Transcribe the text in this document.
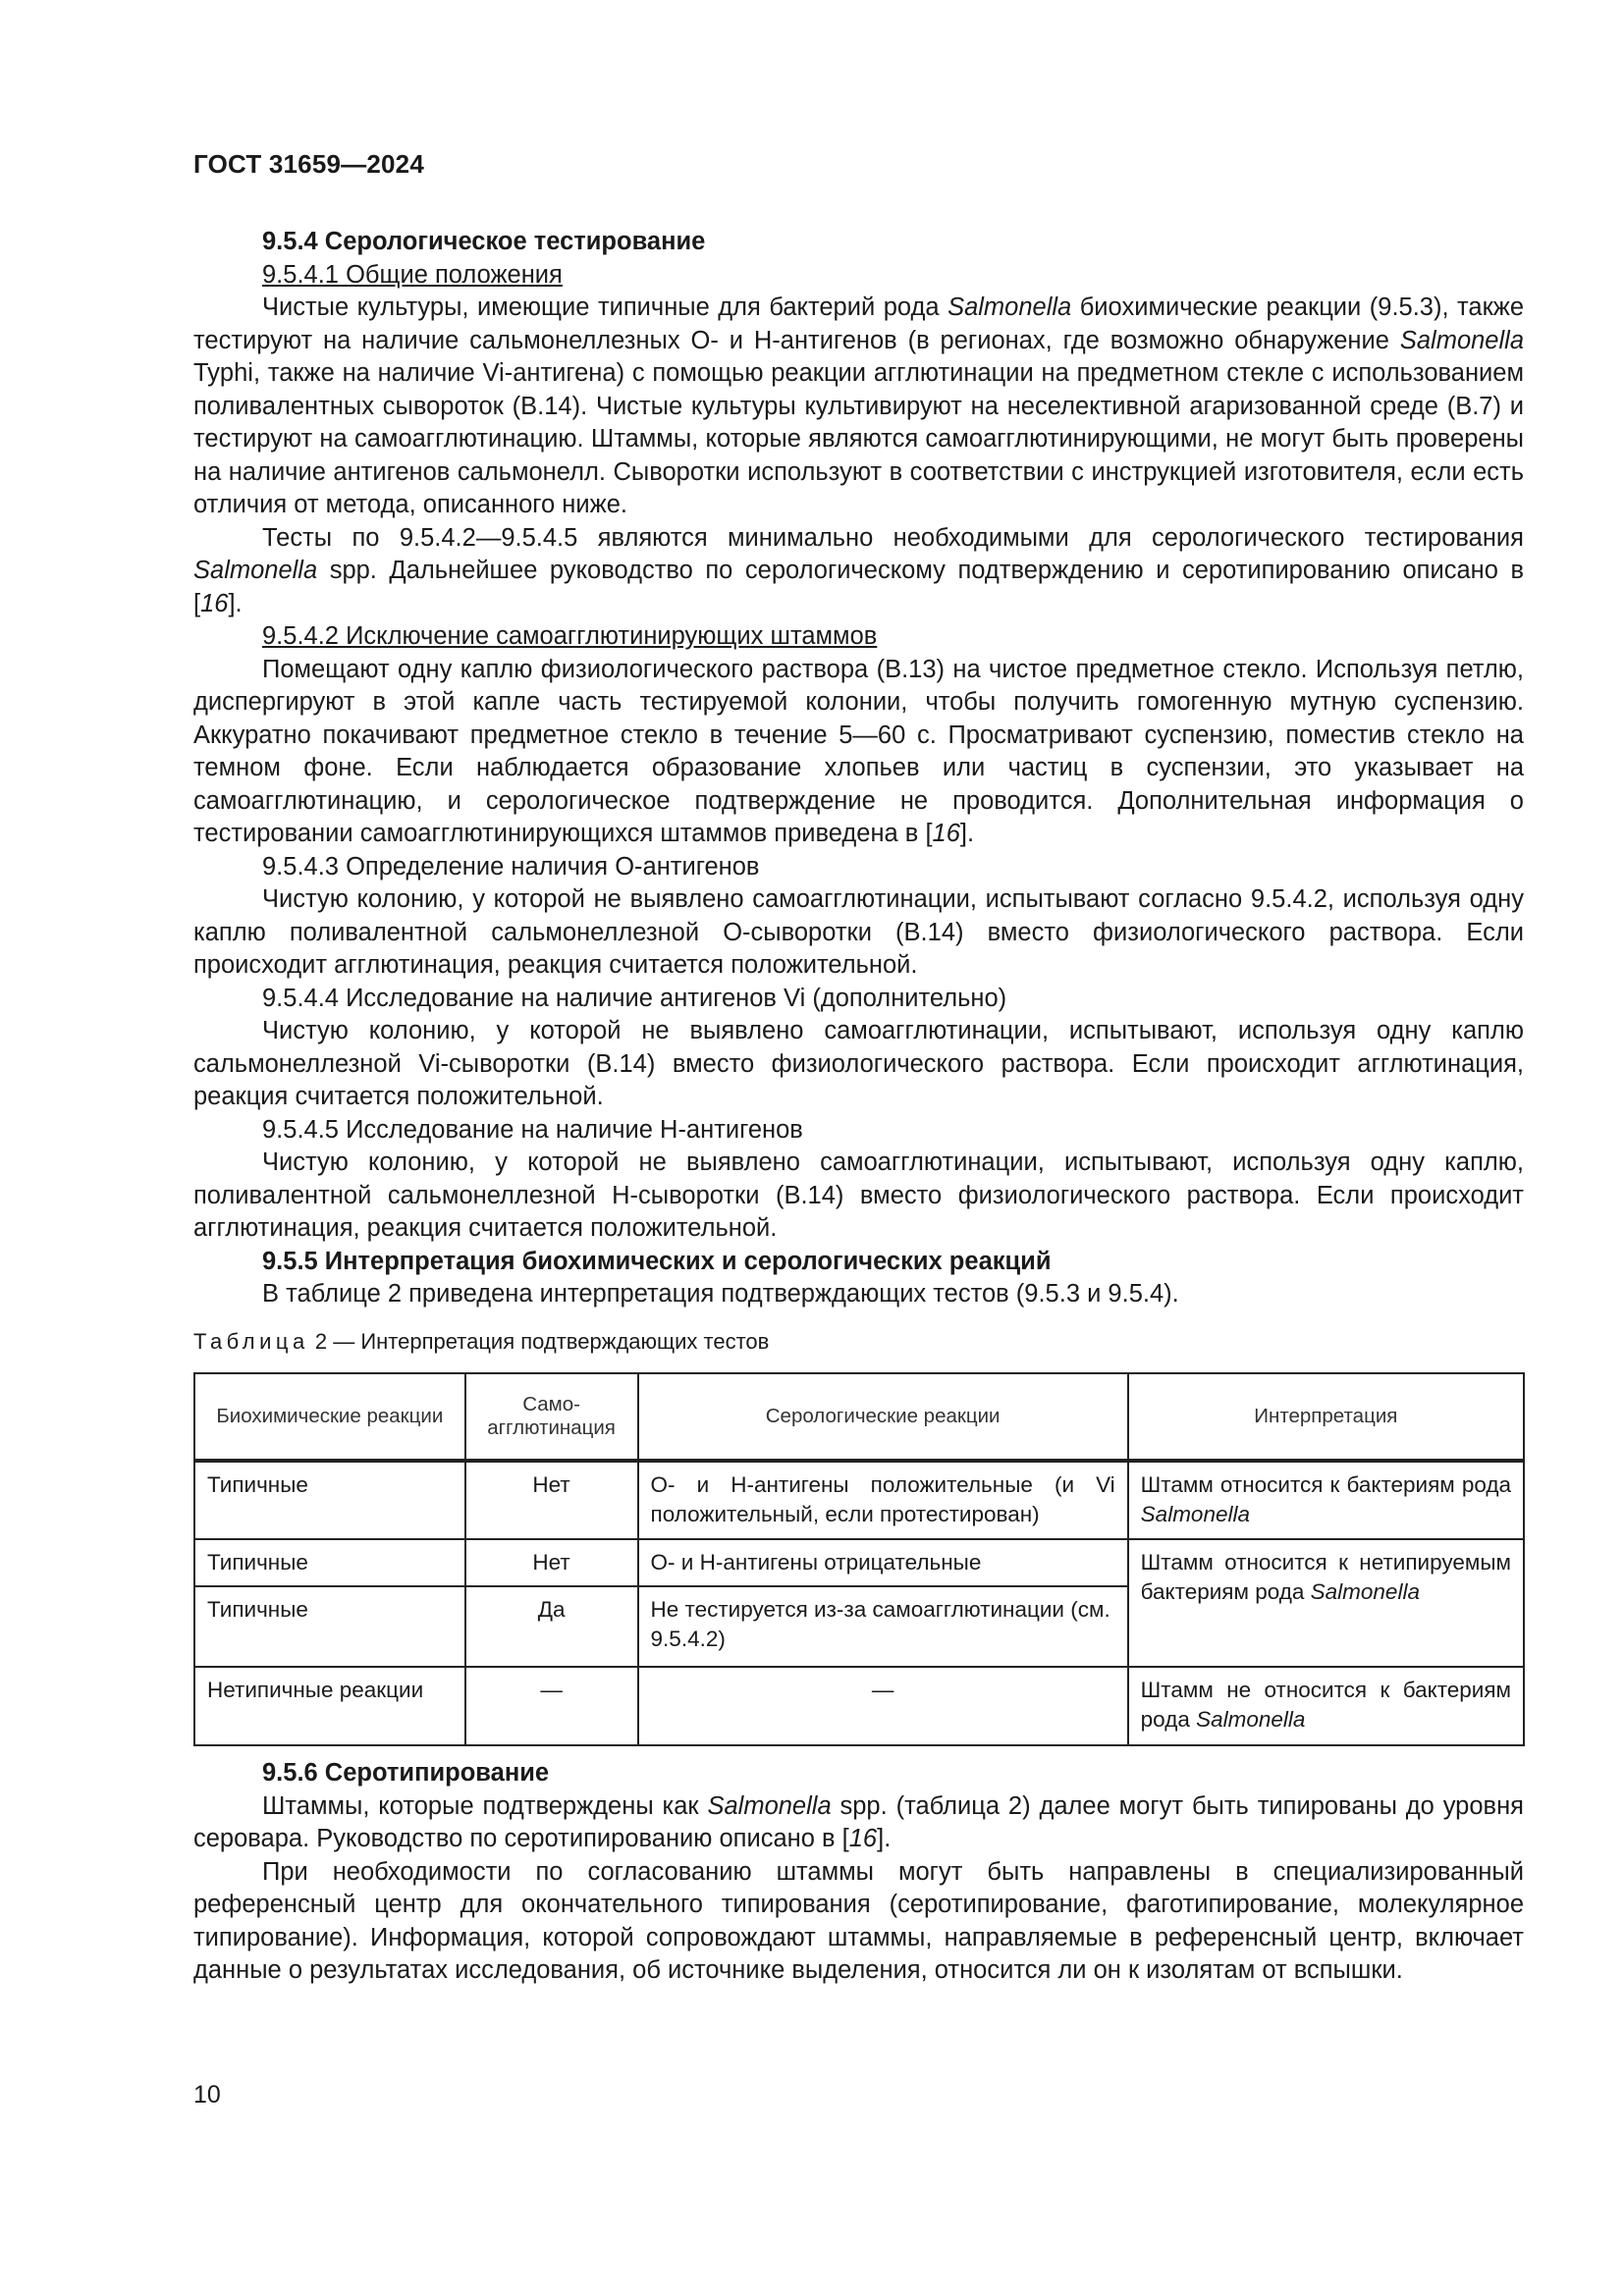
ГОСТ 31659—2024

9.5.4 Серологическое тестирование

9.5.4.1 Общие положения

Чистые культуры, имеющие типичные для бактерий рода Salmonella биохимические реакции (9.5.3), также тестируют на наличие сальмонеллезных О- и Н-антигенов (в регионах, где возможно обнаружение Salmonella Typhi, также на наличие Vi-антигена) с помощью реакции агглютинации на предметном стекле с использованием поливалентных сывороток (В.14). Чистые культуры культивируют на неселективной агаризованной среде (В.7) и тестируют на самоагглютинацию. Штаммы, которые являются самоагглютинирующими, не могут быть проверены на наличие антигенов сальмонелл. Сыворотки используют в соответствии с инструкцией изготовителя, если есть отличия от метода, описанного ниже.

Тесты по 9.5.4.2—9.5.4.5 являются минимально необходимыми для серологического тестирования Salmonella spp. Дальнейшее руководство по серологическому подтверждению и серотипированию описано в [16].

9.5.4.2 Исключение самоагглютинирующих штаммов

Помещают одну каплю физиологического раствора (В.13) на чистое предметное стекло. Используя петлю, диспергируют в этой капле часть тестируемой колонии, чтобы получить гомогенную мутную суспензию. Аккуратно покачивают предметное стекло в течение 5—60 с. Просматривают суспензию, поместив стекло на темном фоне. Если наблюдается образование хлопьев или частиц в суспензии, это указывает на самоагглютинацию, и серологическое подтверждение не проводится. Дополнительная информация о тестировании самоагглютинирующихся штаммов приведена в [16].

9.5.4.3 Определение наличия О-антигенов

Чистую колонию, у которой не выявлено самоагглютинации, испытывают согласно 9.5.4.2, используя одну каплю поливалентной сальмонеллезной О-сыворотки (В.14) вместо физиологического раствора. Если происходит агглютинация, реакция считается положительной.

9.5.4.4 Исследование на наличие антигенов Vi (дополнительно)

Чистую колонию, у которой не выявлено самоагглютинации, испытывают, используя одну каплю сальмонеллезной Vi-сыворотки (В.14) вместо физиологического раствора. Если происходит агглютинация, реакция считается положительной.

9.5.4.5 Исследование на наличие Н-антигенов

Чистую колонию, у которой не выявлено самоагглютинации, испытывают, используя одну каплю, поливалентной сальмонеллезной Н-сыворотки (В.14) вместо физиологического раствора. Если происходит агглютинация, реакция считается положительной.

9.5.5 Интерпретация биохимических и серологических реакций

В таблице 2 приведена интерпретация подтверждающих тестов (9.5.3 и 9.5.4).

Таблица 2 — Интерпретация подтверждающих тестов
Биохимические реакции	Само-агглютинация	Серологические реакции	Интерпретация
Типичные	Нет	О- и Н-антигены положительные (и Vi положительный, если протестирован)	Штамм относится к бактериям рода Salmonella
Типичные	Нет	О- и Н-антигены отрицательные	Штамм относится к нетипируемым бактериям рода Salmonella
Типичные	Да	Не тестируется из-за самоагглютинации (см. 9.5.4.2)	
Нетипичные реакции	—	—	Штамм не относится к бактериям рода Salmonella

9.5.6 Серотипирование

Штаммы, которые подтверждены как Salmonella spp. (таблица 2) далее могут быть типированы до уровня серовара. Руководство по серотипированию описано в [16].

При необходимости по согласованию штаммы могут быть направлены в специализированный референсный центр для окончательного типирования (серотипирование, фаготипирование, молекулярное типирование). Информация, которой сопровождают штаммы, направляемые в референсный центр, включает данные о результатах исследования, об источнике выделения, относится ли он к изолятам от вспышки.

10
